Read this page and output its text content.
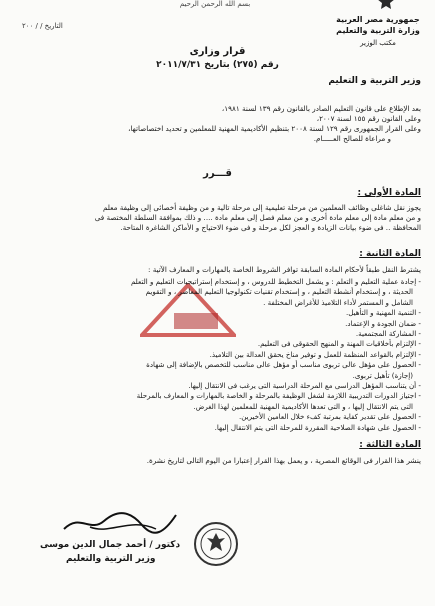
بسم الله الرحمن الرحيم
جمهورية مصر العربية
وزارة التربية والتعليم
مكتب الوزير
التاريخ / / ٢٠٠
قرار وزارى
رقم (٢٧٥) بتاريخ ٢٠١١/٧/٣١
وزير التربية و التعليم
بعد الإطلاع على قانون التعليم الصادر بالقانون رقم ١٣٩ لسنة ١٩٨١،
وعلى القانون رقم ١٥٥ لسنة ٢٠٠٧،
وعلى القرار الجمهورى رقم ١٢٩ لسنة ٢٠٠٨ بتنظيم الأكاديمية المهنية للمعلمين و تحديد اختصاصاتها،
و مراعاة للصالح العـــــام.
قـــرر
المادة الأولى :
يجوز نقل شاغلى وظائف المعلمين من مرحلة تعليمية إلى مرحلة تالية و من وظيفة أخصائى إلى وظيفة معلم
و من معلم مادة إلى معلم مادة أخرى و من معلم فصل إلى معلم مادة .... و ذلك بموافقة السلطة المختصة فى
المحافظة .. فى ضوء بيانات الزيادة و العجز لكل مرحلة و فى ضوء الاحتياج و الأماكن الشاغرة المتاحة.
المادة الثانية :
يشترط النقل طبقاً لأحكام المادة السابقة توافر الشروط الخاصة بالمهارات و المعارف الآتية :
- إجادة عملية التعليم و التعلم : و يشمل التخطيط للدروس ، و إستخدام إستراتيجيات التعليم و التعلم
الحديثة ، و إستخدام أنشطة التعليم ، و إستخدام تقنيات تكنولوجيا التعليم المعاصر ، و التقويم
الشامل و المستمر لأداء التلاميذ للأغراض المختلفة .
- التنمية المهنية و التأهيل.
- ضمان الجودة و الإعتماد.
- المشاركة المجتمعية.
- الإلتزام بأخلاقيات المهنة و المنهج الحقوقى فى التعليم.
- الإلتزام بالقواعد المنظمة للعمل و توفير مناخ يحقق العدالة بين التلاميذ.
- الحصول على مؤهل عالى تربوى مناسب أو مؤهل عالى مناسب للتخصص بالإضافة إلى شهادة
(إجازة) تأهيل تربوى.
- أن يتناسب المؤهل الدراسى مع المرحلة الدراسية التى يرغب فى الانتقال إليها.
- اجتياز الدورات التدريبية اللازمة لشغل الوظيفة بالمرحلة و الخاصة بالمهارات و المعارف بالمرحلة
التى يتم الانتقال إليها ، و التى تعدها الأكاديمية المهنية للمعلمين لهذا الغرض.
- الحصول على تقدير كفاية بمرتبة كفء خلال العامين الأخيرين.
- الحصول على شهادة الصلاحية المقررة للمرحلة التى يتم الانتقال إليها.
المادة الثالثة :
ينشر هذا القرار فى الوقائع المصرية ، و يعمل بهذا القرار إعتبارا من اليوم التالى لتاريخ نشرة.
دكتور / أحمد جمال الدين موسى
وزير التربية والتعليم
